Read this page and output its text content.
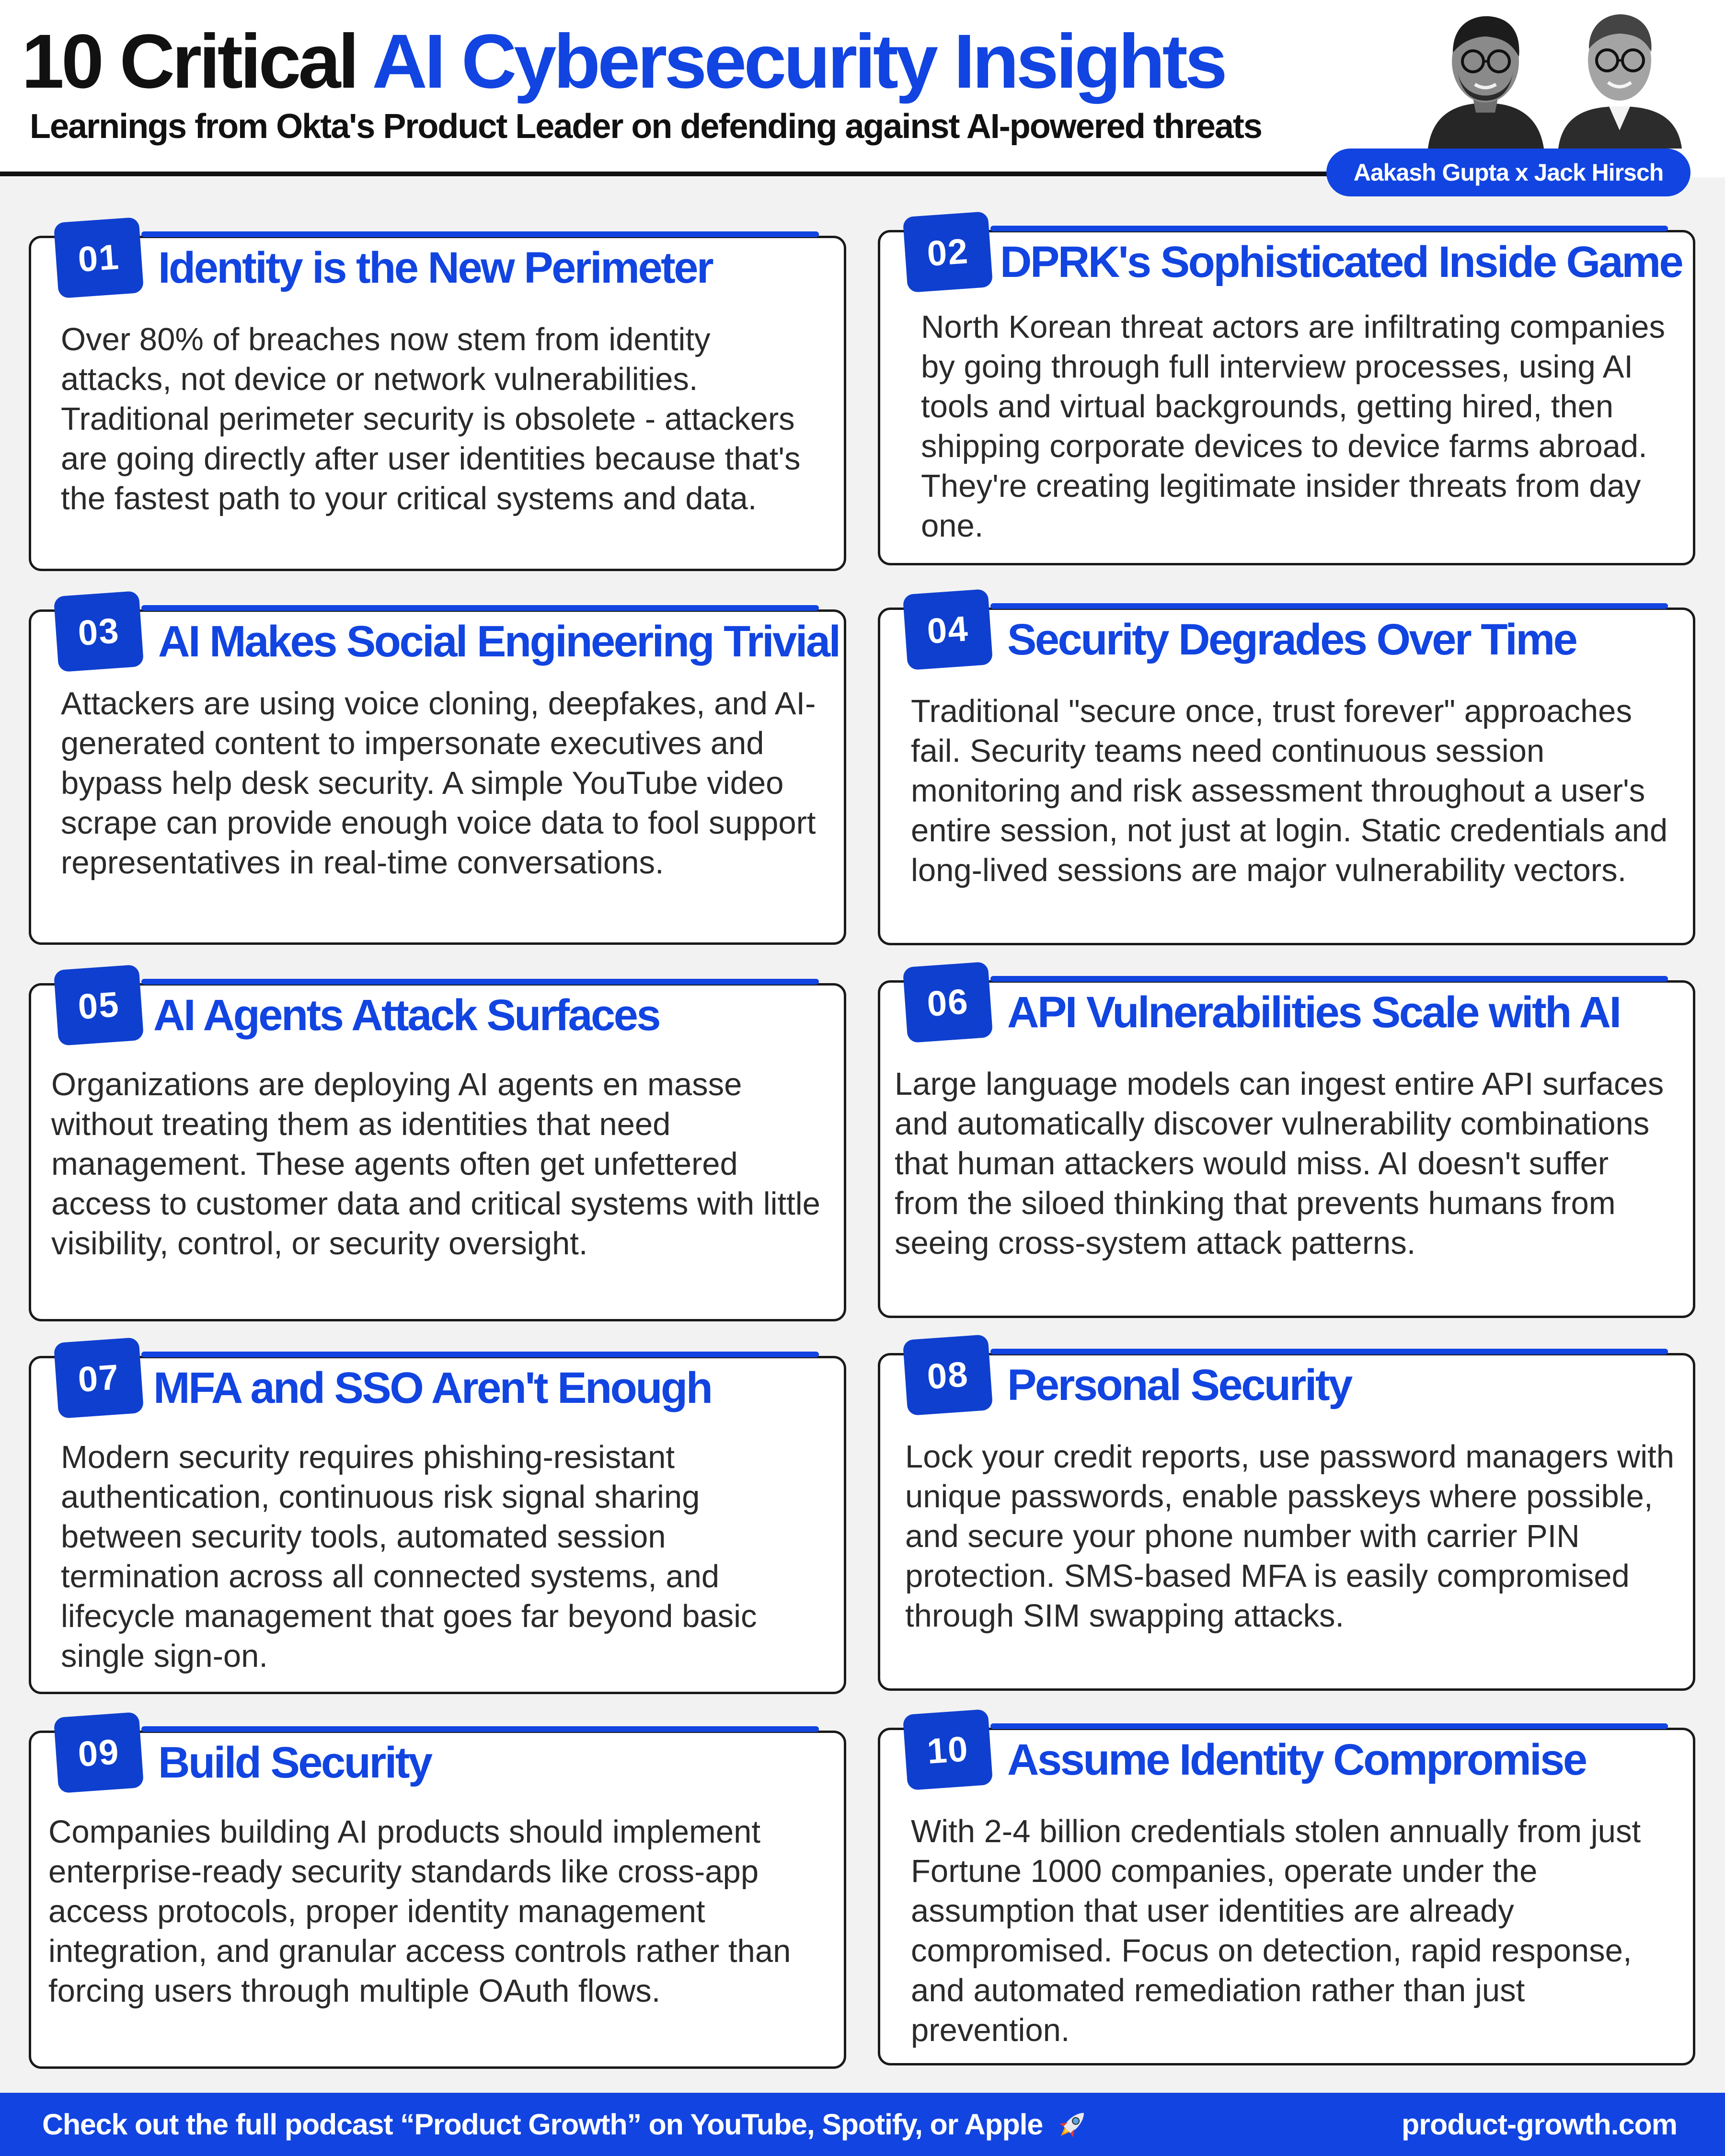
10 Critical AI Cybersecurity Insights
Learnings from Okta's Product Leader on defending against AI-powered threats
Aakash Gupta x Jack Hirsch
01 Identity is the New Perimeter

Over 80% of breaches now stem from identity attacks, not device or network vulnerabilities. Traditional perimeter security is obsolete - attackers are going directly after user identities because that's the fastest path to your critical systems and data.

02 DPRK's Sophisticated Inside Game

North Korean threat actors are infiltrating companies by going through full interview processes, using AI tools and virtual backgrounds, getting hired, then shipping corporate devices to device farms abroad. They're creating legitimate insider threats from day one.

03 AI Makes Social Engineering Trivial

Attackers are using voice cloning, deepfakes, and AI-generated content to impersonate executives and bypass help desk security. A simple YouTube video scrape can provide enough voice data to fool support representatives in real-time conversations.

04 Security Degrades Over Time

Traditional "secure once, trust forever" approaches fail. Security teams need continuous session monitoring and risk assessment throughout a user's entire session, not just at login. Static credentials and long-lived sessions are major vulnerability vectors.

05 AI Agents Attack Surfaces

Organizations are deploying AI agents en masse without treating them as identities that need management. These agents often get unfettered access to customer data and critical systems with little visibility, control, or security oversight.

06 API Vulnerabilities Scale with AI

Large language models can ingest entire API surfaces and automatically discover vulnerability combinations that human attackers would miss. AI doesn't suffer from the siloed thinking that prevents humans from seeing cross-system attack patterns.

07 MFA and SSO Aren't Enough

Modern security requires phishing-resistant authentication, continuous risk signal sharing between security tools, automated session termination across all connected systems, and lifecycle management that goes far beyond basic single sign-on.

08 Personal Security

Lock your credit reports, use password managers with unique passwords, enable passkeys where possible, and secure your phone number with carrier PIN protection. SMS-based MFA is easily compromised through SIM swapping attacks.

09 Build Security

Companies building AI products should implement enterprise-ready security standards like cross-app access protocols, proper identity management integration, and granular access controls rather than forcing users through multiple OAuth flows.

10 Assume Identity Compromise

With 2-4 billion credentials stolen annually from just Fortune 1000 companies, operate under the assumption that user identities are already compromised. Focus on detection, rapid response, and automated remediation rather than just prevention.

Check out the full podcast “Product Growth” on YouTube, Spotify, or Apple	product-growth.com
